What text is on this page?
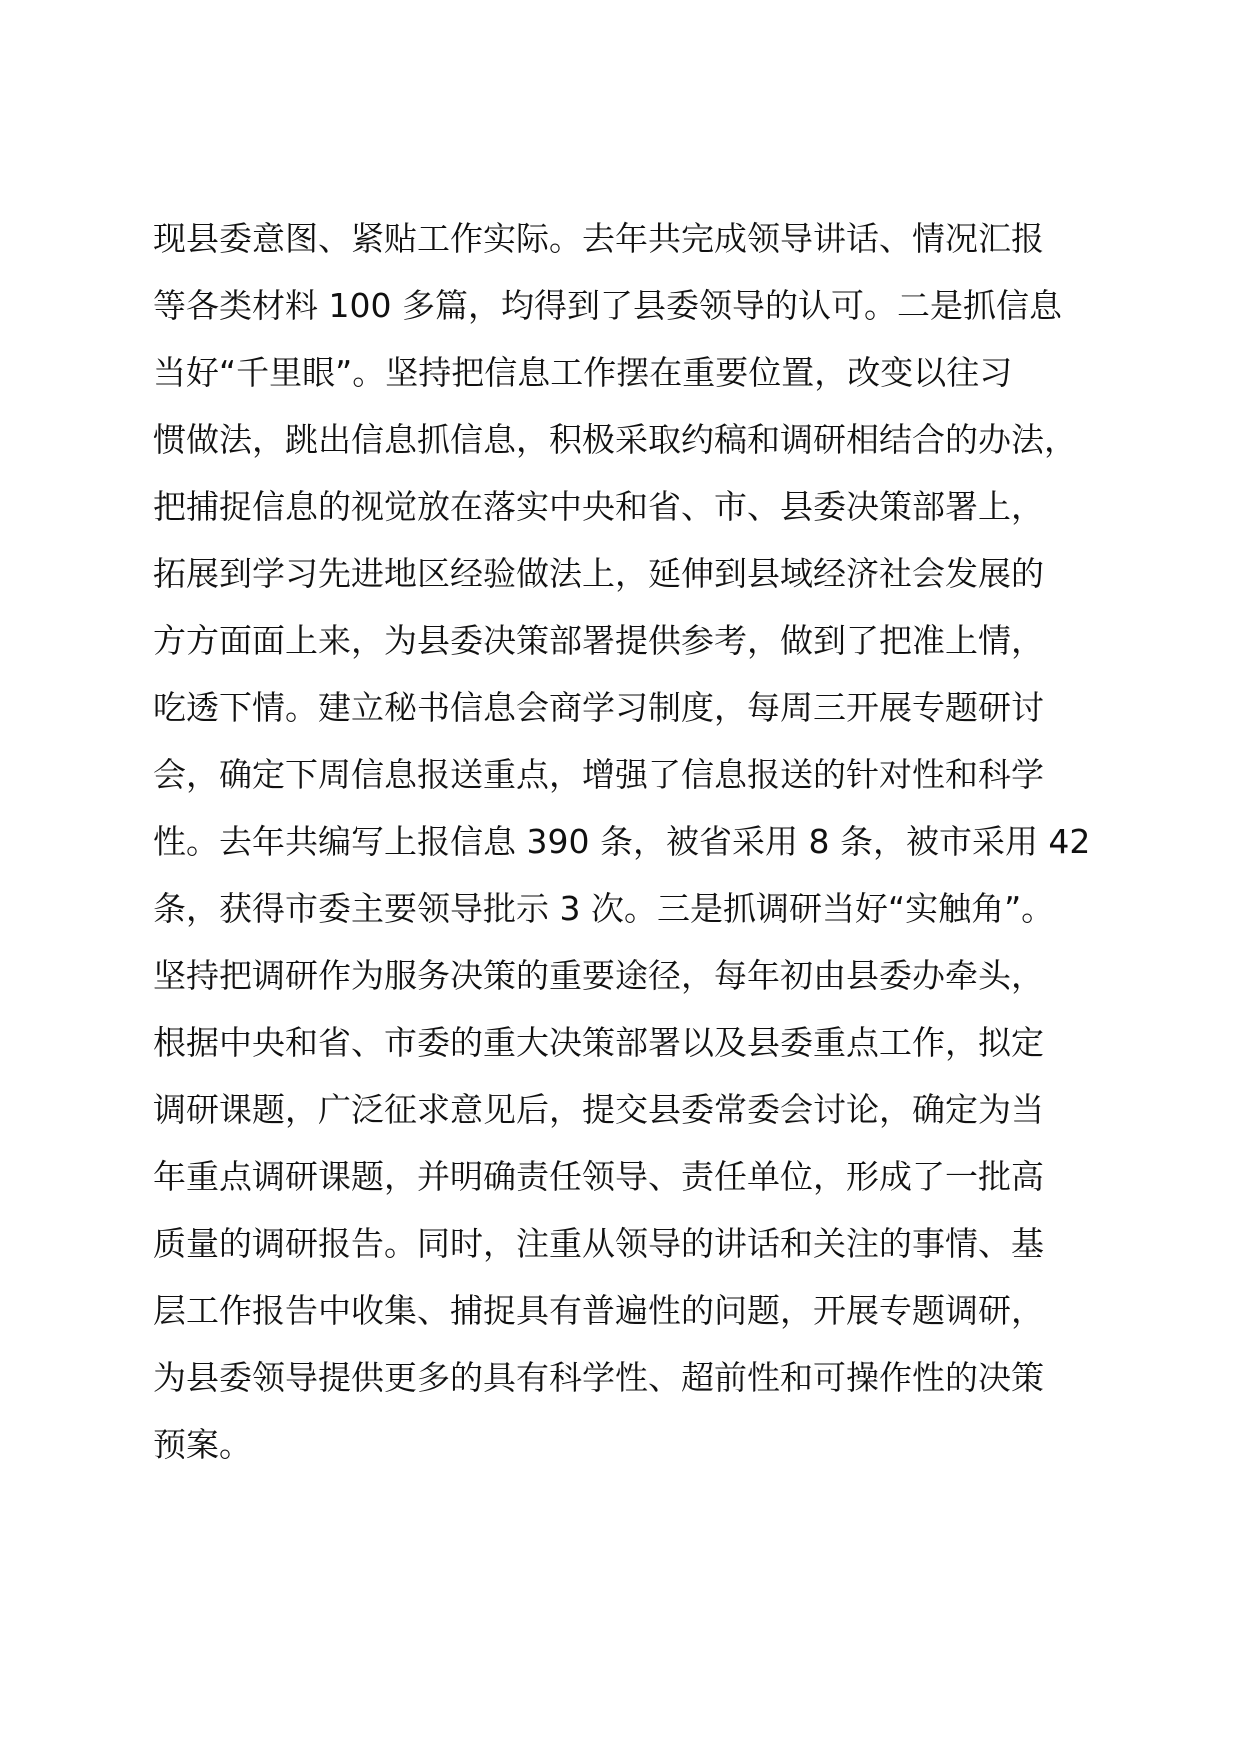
现县委意图、紧贴工作实际。去年共完成领导讲话、情况汇报
等各类材料 100 多篇，均得到了县委领导的认可。二是抓信息
当好“千里眼”。坚持把信息工作摆在重要位置，改变以往习
惯做法，跳出信息抓信息，积极采取约稿和调研相结合的办法，
把捕捉信息的视觉放在落实中央和省、市、县委决策部署上，
拓展到学习先进地区经验做法上，延伸到县域经济社会发展的
方方面面上来，为县委决策部署提供参考，做到了把准上情，
吃透下情。建立秘书信息会商学习制度，每周三开展专题研讨
会，确定下周信息报送重点，增强了信息报送的针对性和科学
性。去年共编写上报信息 390 条，被省采用 8 条，被市采用 42
条，获得市委主要领导批示 3 次。三是抓调研当好“实触角”。
坚持把调研作为服务决策的重要途径，每年初由县委办牵头，
根据中央和省、市委的重大决策部署以及县委重点工作，拟定
调研课题，广泛征求意见后，提交县委常委会讨论，确定为当
年重点调研课题，并明确责任领导、责任单位，形成了一批高
质量的调研报告。同时，注重从领导的讲话和关注的事情、基
层工作报告中收集、捕捉具有普遍性的问题，开展专题调研，
为县委领导提供更多的具有科学性、超前性和可操作性的决策
预案。
